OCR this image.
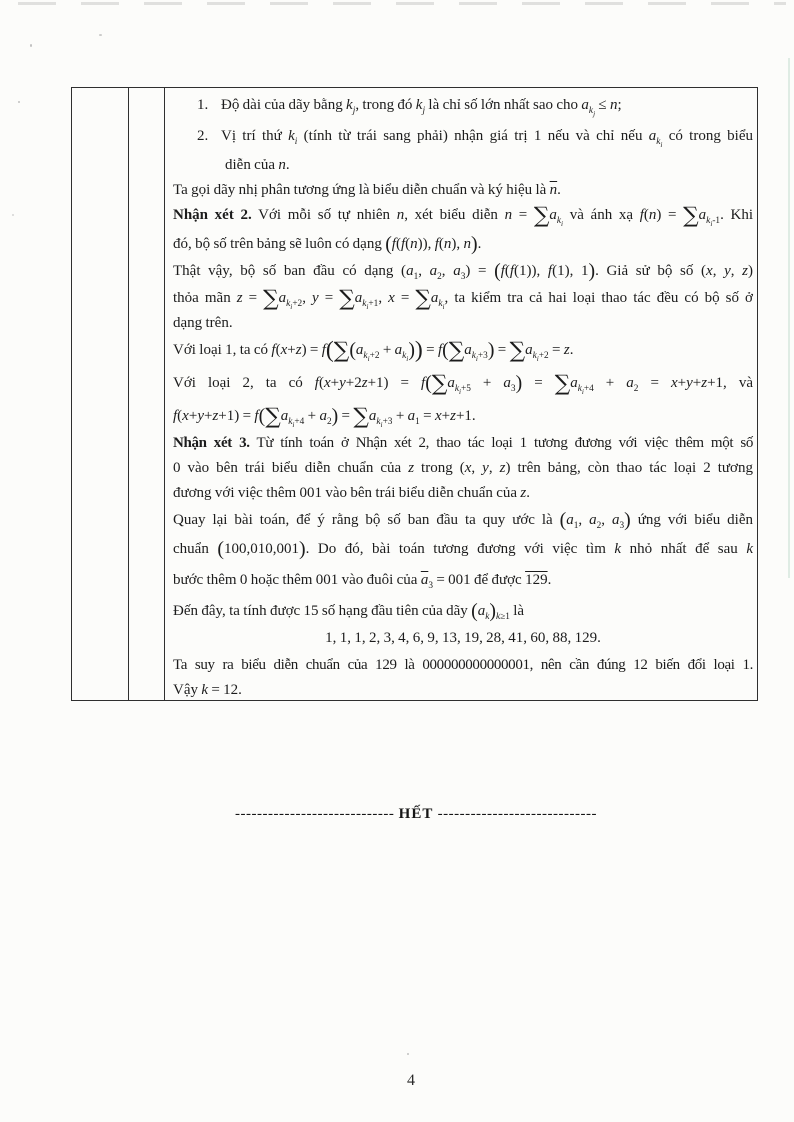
1. Độ dài của dãy bằng $k_j$, trong đó $k_j$ là chỉ số lớn nhất sao cho $a_{k_j} \le n$;
2. Vị trí thứ $k_i$ (tính từ trái sang phải) nhận giá trị 1 nếu và chỉ nếu $a_{k_i}$ có trong biểu
diễn của n.
Ta gọi dãy nhị phân tương ứng là biểu diễn chuẩn và ký hiệu là $\overline{n}$.
Nhận xét 2. Với mỗi số tự nhiên n, xét biểu diễn $n = \sum a_{k_i}$ và ánh xạ $f(n) = \sum a_{k_i-1}$. Khi
đó, bộ số trên bảng sẽ luôn có dạng (f(f(n)), f(n), n).
Thật vậy, bộ số ban đầu có dạng ($a_1$, $a_2$, $a_3) = (f(f(1))$, f(1), 1). Giả sử bộ số (x, y, z)
thỏa mãn $z = \sum a_{k_i+2}$, $y = \sum a_{k_i+1}$, $x = \sum a_{k_i}$, ta kiểm tra cả hai loại thao tác đều có bộ số ở
dạng trên.
Với loại 1, ta có $f(x+z) = f(\sum(a_{k_i+2} + a_{k_i})) = f(\sum a_{k_i+3}) = \sum a_{k_i+2} = z$.
Với loại 2, ta có $f(x+y+2z+1) = f(\sum a_{k_i+5} + a_3) = \sum a_{k_i+4} + a_2 = x+y+z+1$, và
$f(x+y+z+1) = f(\sum a_{k_i+4} + a_2) = \sum a_{k_i+3} + a_1 = x+z+1$.
Nhận xét 3. Từ tính toán ở Nhận xét 2, thao tác loại 1 tương đương với việc thêm một số
0 vào bên trái biểu diễn chuẩn của z trong (x, y, z) trên bảng, còn thao tác loại 2 tương
đương với việc thêm 001 vào bên trái biểu diễn chuẩn của z.
Quay lại bài toán, để ý rằng bộ số ban đầu ta quy ước là ($a_1$, $a_2$, $a_3$) ứng với biểu diễn
chuẩn (100,010,001). Do đó, bài toán tương đương với việc tìm k nhỏ nhất để sau k
bước thêm 0 hoặc thêm 001 vào đuôi của $\overline{a}_3 = 001$ để được 129.
Đến đây, ta tính được 15 số hạng đầu tiên của dãy $(a_k)_{k\ge 1}$ là
1, 1, 1, 2, 3, 4, 6, 9, 13, 19, 28, 41, 60, 88, 129.
Ta suy ra biểu diễn chuẩn của 129 là 000000000000001, nên cần đúng 12 biến đổi loại 1.
Vậy k = 12.
----------------------------- HẾT -----------------------------
4
